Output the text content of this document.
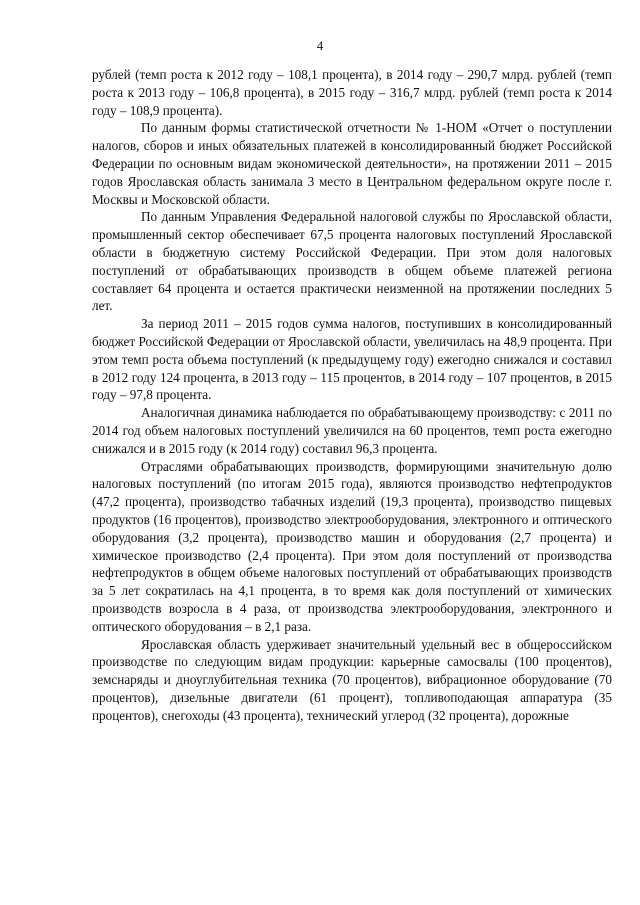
4

рублей (темп роста к 2012 году – 108,1 процента), в 2014 году – 290,7 млрд. рублей (темп роста к 2013 году – 106,8 процента), в 2015 году – 316,7 млрд. рублей (темп роста к 2014 году – 108,9 процента).

По данным формы статистической отчетности № 1-НОМ «Отчет о поступлении налогов, сборов и иных обязательных платежей в консолидированный бюджет Российской Федерации по основным видам экономической деятельности», на протяжении 2011 – 2015 годов Ярославская область занимала 3 место в Центральном федеральном округе после г. Москвы и Московской области.

По данным Управления Федеральной налоговой службы по Ярославской области, промышленный сектор обеспечивает 67,5 процента налоговых поступлений Ярославской области в бюджетную систему Российской Федерации. При этом доля налоговых поступлений от обрабатывающих производств в общем объеме платежей региона составляет 64 процента и остается практически неизменной на протяжении последних 5 лет.

За период 2011 – 2015 годов сумма налогов, поступивших в консолидированный бюджет Российской Федерации от Ярославской области, увеличилась на 48,9 процента. При этом темп роста объема поступлений (к предыдущему году) ежегодно снижался и составил в 2012 году 124 процента, в 2013 году – 115 процентов, в 2014 году – 107 процентов, в 2015 году – 97,8 процента.

Аналогичная динамика наблюдается по обрабатывающему производству: с 2011 по 2014 год объем налоговых поступлений увеличился на 60 процентов, темп роста ежегодно снижался и в 2015 году (к 2014 году) составил 96,3 процента.

Отраслями обрабатывающих производств, формирующими значительную долю налоговых поступлений (по итогам 2015 года), являются производство нефтепродуктов (47,2 процента), производство табачных изделий (19,3 процента), производство пищевых продуктов (16 процентов), производство электрооборудования, электронного и оптического оборудования (3,2 процента), производство машин и оборудования (2,7 процента) и химическое производство (2,4 процента). При этом доля поступлений от производства нефтепродуктов в общем объеме налоговых поступлений от обрабатывающих производств за 5 лет сократилась на 4,1 процента, в то время как доля поступлений от химических производств возросла в 4 раза, от производства электрооборудования, электронного и оптического оборудования – в 2,1 раза.

Ярославская область удерживает значительный удельный вес в общероссийском производстве по следующим видам продукции: карьерные самосвалы (100 процентов), земснаряды и дноуглубительная техника (70 процентов), вибрационное оборудование (70 процентов), дизельные двигатели (61 процент), топливоподающая аппаратура (35 процентов), снегоходы (43 процента), технический углерод (32 процента), дорожные
